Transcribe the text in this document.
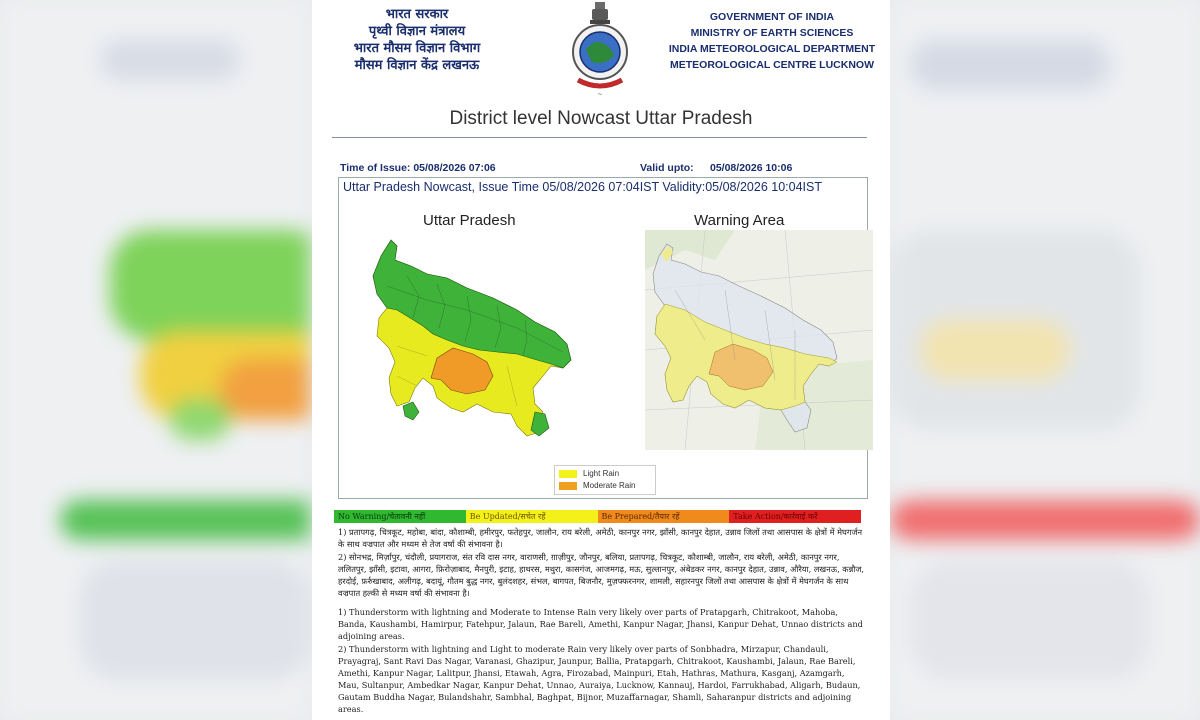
भारत सरकार
पृथ्वी विज्ञान मंत्रालय
भारत मौसम विज्ञान विभाग
मौसम विज्ञान केंद्र लखनऊ
~
GOVERNMENT OF INDIA
MINISTRY OF EARTH SCIENCES
INDIA METEOROLOGICAL DEPARTMENT
METEOROLOGICAL CENTRE LUCKNOW
District level Nowcast Uttar Pradesh
Time of Issue: 05/08/2026 07:06	Valid upto: 05/08/2026 10:06
Uttar Pradesh Nowcast, Issue Time 05/08/2026 07:04IST Validity:05/08/2026 10:04IST
Uttar Pradesh	Warning Area
Light Rain
Moderate Rain
No Warning/चेतावनी नहीं	Be Updated/सचेत रहें	Be Prepared/तैयार रहें	Take Action/कार्रवाई करें
1) प्रतापगढ़, चित्रकूट, महोबा, बांदा, कौशाम्बी, हमीरपुर, फतेहपुर, जालौन, राय बरेली, अमेठी, कानपुर नगर, झाँसी, कानपुर देहात, उन्नाव जिलों तथा आसपास के क्षेत्रों में मेघगर्जन के साथ वज्रपात और मध्यम से तेज वर्षा की संभावना है।
2) सोनभद्र, मिर्ज़ापुर, चंदौली, प्रयागराज, संत रवि दास नगर, वाराणसी, ग़ाज़ीपुर, जौनपुर, बलिया, प्रतापगढ़, चित्रकूट, कौशाम्बी, जालौन, राय बरेली, अमेठी, कानपुर नगर, ललितपुर, झाँसी, इटावा, आगरा, फ़िरोज़ाबाद, मैनपुरी, इटाह, हाथरस, मथुरा, कासगंज, आजमगढ़, मऊ, सुल्तानपुर, अंबेडकर नगर, कानपुर देहात, उन्नाव, औरैया, लखनऊ, कन्नौज, हरदोई, फ़र्रुखाबाद, अलीगढ़, बदायूं, गौतम बुद्ध नगर, बुलंदशहर, संभल, बागपत, बिजनौर, मुज़फ्फरनगर, शामली, सहारनपुर जिलों तथा आसपास के क्षेत्रों में मेघगर्जन के साथ वज्रपात हल्की से मध्यम वर्षा की संभावना है।
1) Thunderstorm with lightning and Moderate to Intense Rain very likely over parts of Pratapgarh, Chitrakoot, Mahoba, Banda, Kaushambi, Hamirpur, Fatehpur, Jalaun, Rae Bareli, Amethi, Kanpur Nagar, Jhansi, Kanpur Dehat, Unnao districts and adjoining areas.
2) Thunderstorm with lightning and Light to moderate Rain very likely over parts of Sonbhadra, Mirzapur, Chandauli, Prayagraj, Sant Ravi Das Nagar, Varanasi, Ghazipur, Jaunpur, Ballia, Pratapgarh, Chitrakoot, Kaushambi, Jalaun, Rae Bareli, Amethi, Kanpur Nagar, Lalitpur, Jhansi, Etawah, Agra, Firozabad, Mainpuri, Etah, Hathras, Mathura, Kasganj, Azamgarh, Mau, Sultanpur, Ambedkar Nagar, Kanpur Dehat, Unnao, Auraiya, Lucknow, Kannauj, Hardoi, Farrukhabad, Aligarh, Budaun, Gautam Buddha Nagar, Bulandshahr, Sambhal, Baghpat, Bijnor, Muzaffarnagar, Shamli, Saharanpur districts and adjoining areas.
